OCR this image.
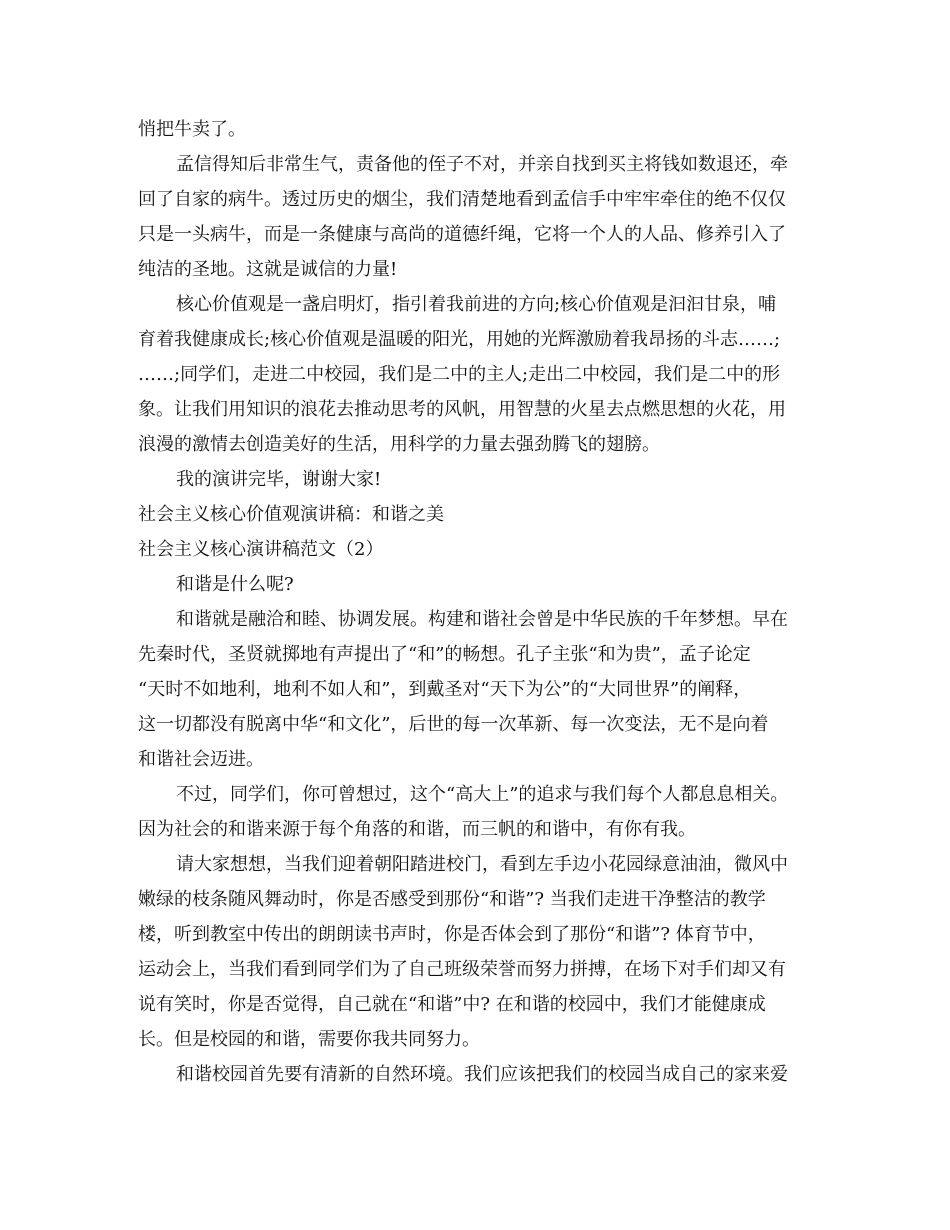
悄把牛卖了。
孟信得知后非常生气，责备他的侄子不对，并亲自找到买主将钱如数退还，牵
回了自家的病牛。透过历史的烟尘，我们清楚地看到孟信手中牢牢牵住的绝不仅仅
只是一头病牛，而是一条健康与高尚的道德纤绳，它将一个人的人品、修养引入了
纯洁的圣地。这就是诚信的力量!
核心价值观是一盏启明灯，指引着我前进的方向;核心价值观是汩汩甘泉，哺
育着我健康成长;核心价值观是温暖的阳光，用她的光辉激励着我昂扬的斗志……;
……;同学们，走进二中校园，我们是二中的主人;走出二中校园，我们是二中的形
象。让我们用知识的浪花去推动思考的风帆，用智慧的火星去点燃思想的火花，用
浪漫的激情去创造美好的生活，用科学的力量去强劲腾飞的翅膀。
我的演讲完毕，谢谢大家!
社会主义核心价值观演讲稿：和谐之美
社会主义核心演讲稿范文（2）
和谐是什么呢?
和谐就是融洽和睦、协调发展。构建和谐社会曾是中华民族的千年梦想。早在
先秦时代，圣贤就掷地有声提出了“和”的畅想。孔子主张“和为贵”，孟子论定
“天时不如地利，地利不如人和”，到戴圣对“天下为公”的“大同世界”的阐释，
这一切都没有脱离中华“和文化”，后世的每一次革新、每一次变法，无不是向着
和谐社会迈进。
不过，同学们，你可曾想过，这个“高大上”的追求与我们每个人都息息相关。
因为社会的和谐来源于每个角落的和谐，而三帆的和谐中，有你有我。
请大家想想，当我们迎着朝阳踏进校门，看到左手边小花园绿意油油，微风中
嫩绿的枝条随风舞动时，你是否感受到那份“和谐”? 当我们走进干净整洁的教学
楼，听到教室中传出的朗朗读书声时，你是否体会到了那份“和谐”? 体育节中，
运动会上，当我们看到同学们为了自己班级荣誉而努力拼搏，在场下对手们却又有
说有笑时，你是否觉得，自己就在“和谐”中? 在和谐的校园中，我们才能健康成
长。但是校园的和谐，需要你我共同努力。
和谐校园首先要有清新的自然环境。我们应该把我们的校园当成自己的家来爱
